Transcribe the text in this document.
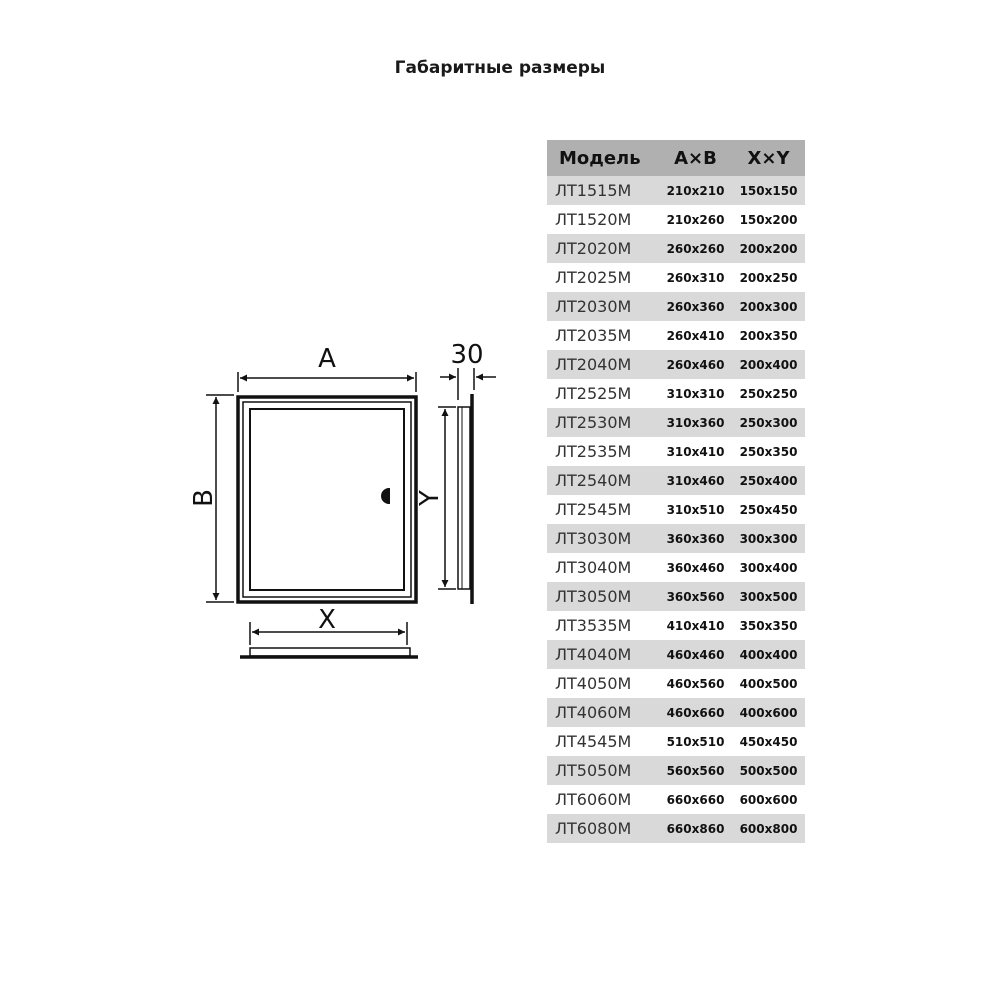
Габаритные размеры
A
B
X
Y
30
Модель	A×B	X×Y
ЛТ1515М	210x210	150x150
ЛТ1520М	210x260	150x200
ЛТ2020М	260x260	200x200
ЛТ2025М	260x310	200x250
ЛТ2030М	260x360	200x300
ЛТ2035М	260x410	200x350
ЛТ2040М	260x460	200x400
ЛТ2525М	310x310	250x250
ЛТ2530М	310x360	250x300
ЛТ2535М	310x410	250x350
ЛТ2540М	310x460	250x400
ЛТ2545М	310x510	250x450
ЛТ3030М	360x360	300x300
ЛТ3040М	360x460	300x400
ЛТ3050М	360x560	300x500
ЛТ3535М	410x410	350x350
ЛТ4040М	460x460	400x400
ЛТ4050М	460x560	400x500
ЛТ4060М	460x660	400x600
ЛТ4545М	510x510	450x450
ЛТ5050М	560x560	500x500
ЛТ6060М	660x660	600x600
ЛТ6080М	660x860	600x800
